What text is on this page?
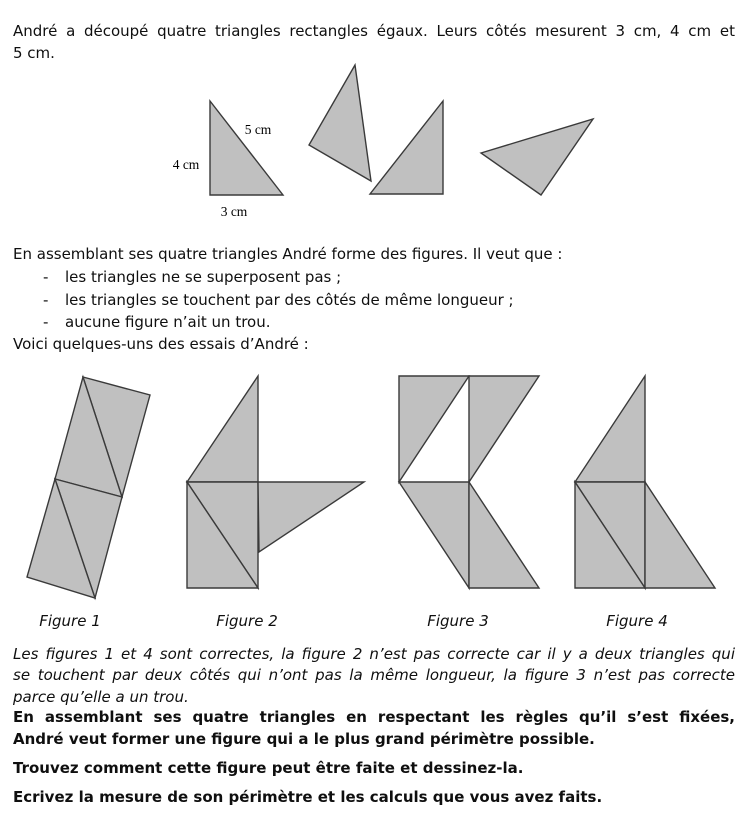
5 cm
4 cm
3 cm
André a découpé quatre triangles rectangles égaux. Leurs côtés mesurent 3 cm, 4 cm et
5 cm.
En assemblant ses quatre triangles André forme des figures. Il veut que :
- les triangles ne se superposent pas ;
- les triangles se touchent par des côtés de même longueur ;
- aucune figure n’ait un trou.
Voici quelques-uns des essais d’André :
Figure 1	Figure 2	Figure 3	Figure 4
Les figures 1 et 4 sont correctes, la figure 2 n’est pas correcte car il y a deux triangles qui
se touchent par deux côtés qui n’ont pas la même longueur, la figure 3 n’est pas correcte
parce qu’elle a un trou.
En assemblant ses quatre triangles en respectant les règles qu’il s’est fixées,
André veut former une figure qui a le plus grand périmètre possible.
Trouvez comment cette figure peut être faite et dessinez-la.
Ecrivez la mesure de son périmètre et les calculs que vous avez faits.
